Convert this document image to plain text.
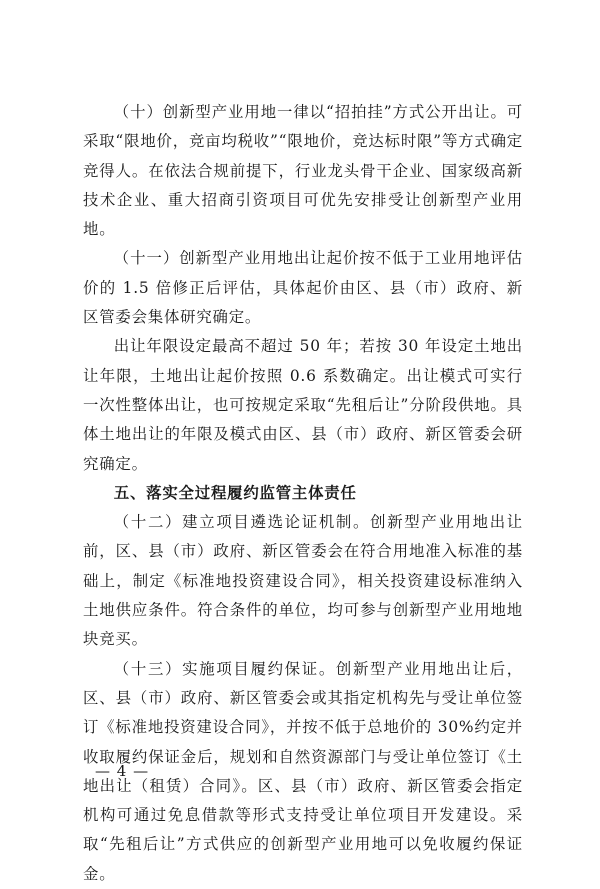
（十）创新型产业用地一律以“招拍挂”方式公开出让。可采取“限地价，竞亩均税收”“限地价，竞达标时限”等方式确定竞得人。在依法合规前提下，行业龙头骨干企业、国家级高新技术企业、重大招商引资项目可优先安排受让创新型产业用地。

（十一）创新型产业用地出让起价按不低于工业用地评估价的 1.5 倍修正后评估，具体起价由区、县（市）政府、新区管委会集体研究确定。

出让年限设定最高不超过 50 年；若按 30 年设定土地出让年限，土地出让起价按照 0.6 系数确定。出让模式可实行一次性整体出让，也可按规定采取“先租后让”分阶段供地。具体土地出让的年限及模式由区、县（市）政府、新区管委会研究确定。

五、落实全过程履约监管主体责任

（十二）建立项目遴选论证机制。创新型产业用地出让前，区、县（市）政府、新区管委会在符合用地准入标准的基础上，制定《标准地投资建设合同》，相关投资建设标准纳入土地供应条件。符合条件的单位，均可参与创新型产业用地地块竞买。

（十三）实施项目履约保证。创新型产业用地出让后，区、县（市）政府、新区管委会或其指定机构先与受让单位签订《标准地投资建设合同》，并按不低于总地价的 30%约定并收取履约保证金后，规划和自然资源部门与受让单位签订《土地出让（租赁）合同》。区、县（市）政府、新区管委会指定机构可通过免息借款等形式支持受让单位项目开发建设。采取“先租后让”方式供应的创新型产业用地可以免收履约保证金。

— 4 —
